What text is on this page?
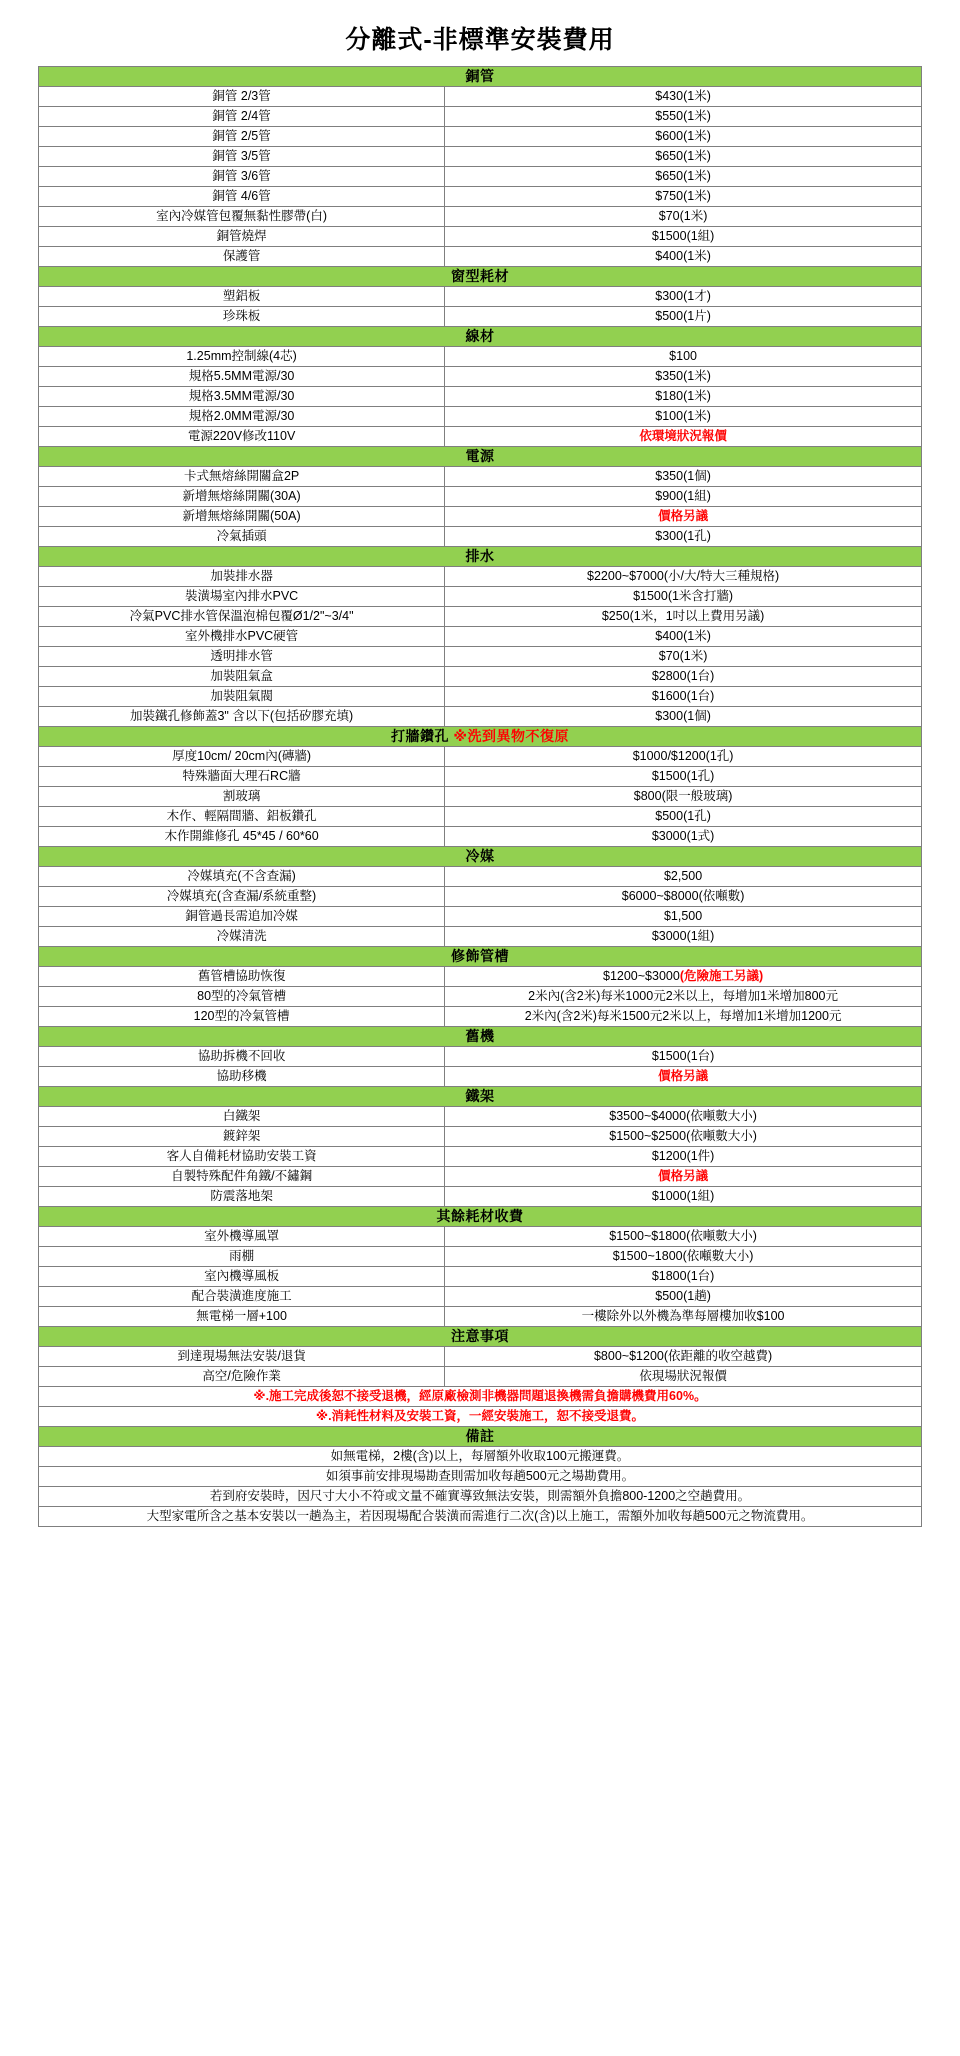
分離式-非標準安裝費用
銅管	
銅管 2/3管	$430(1米)
銅管 2/4管	$550(1米)
銅管 2/5管	$600(1米)
銅管 3/5管	$650(1米)
銅管 3/6管	$650(1米)
銅管 4/6管	$750(1米)
室內冷媒管包覆無黏性膠帶(白)	$70(1米)
銅管燒焊	$1500(1組)
保護管	$400(1米)
窗型耗材	
塑鋁板	$300(1才)
珍珠板	$500(1片)
線材	
1.25mm控制線(4芯)	$100
規格5.5MM電源/30	$350(1米)
規格3.5MM電源/30	$180(1米)
規格2.0MM電源/30	$100(1米)
電源220V修改110V	依環境狀況報價
電源	
卡式無熔絲開關盒2P	$350(1個)
新增無熔絲開關(30A)	$900(1組)
新增無熔絲開關(50A)	價格另議
冷氣插頭	$300(1孔)
排水	
加裝排水器	$2200~$7000(小/大/特大三種規格)
裝潢場室內排水PVC	$1500(1米含打牆)
冷氣PVC排水管保溫泡棉包覆Ø1/2"~3/4"	$250(1米，1吋以上費用另議)
室外機排水PVC硬管	$400(1米)
透明排水管	$70(1米)
加裝阻氣盒	$2800(1台)
加裝阻氣閥	$1600(1台)
加裝鐵孔修飾蓋3" 含以下(包括矽膠充填)	$300(1個)
打牆鑽孔 ※洗到異物不復原	
厚度10cm/ 20cm內(磚牆)	$1000/$1200(1孔)
特殊牆面大理石RC牆	$1500(1孔)
割玻璃	$800(限一般玻璃)
木作、輕隔間牆、鋁板鑽孔	$500(1孔)
木作開維修孔 45*45 / 60*60	$3000(1式)
冷媒	
冷媒填充(不含查漏)	$2,500
冷媒填充(含查漏/系統重整)	$6000~$8000(依噸數)
銅管過長需追加冷媒	$1,500
冷媒清洗	$3000(1組)
修飾管槽	
舊管槽協助恢復	$1200~$3000(危險施工另議)
80型的冷氣管槽	2米內(含2米)每米1000元2米以上，每增加1米增加800元
120型的冷氣管槽	2米內(含2米)每米1500元2米以上，每增加1米增加1200元
舊機	
協助拆機不回收	$1500(1台)
協助移機	價格另議
鐵架	
白鐵架	$3500~$4000(依噸數大小)
鍍鋅架	$1500~$2500(依噸數大小)
客人自備耗材協助安裝工資	$1200(1件)
自製特殊配件角鐵/不鏽鋼	價格另議
防震落地架	$1000(1組)
其餘耗材收費	
室外機導風罩	$1500~$1800(依噸數大小)
雨棚	$1500~1800(依噸數大小)
室內機導風板	$1800(1台)
配合裝潢進度施工	$500(1趟)
無電梯一層+100	一樓除外以外機為準每層樓加收$100
注意事項	
到達現場無法安裝/退貨	$800~$1200(依距離的收空越費)
高空/危險作業	依現場狀況報價
※.施工完成後恕不接受退機，經原廠檢測非機器問題退換機需負擔購機費用60%。	
※.消耗性材料及安裝工資，一經安裝施工，恕不接受退費。	
備註	
如無電梯，2樓(含)以上，每層額外收取100元搬運費。	
如須事前安排現場勘查則需加收每趟500元之場勘費用。	
若到府安裝時，因尺寸大小不符或文量不確實導致無法安裝，則需額外負擔800-1200之空趟費用。	
大型家電所含之基本安裝以一趟為主，若因現場配合裝潢而需進行二次(含)以上施工，需額外加收每趟500元之物流費用。	
